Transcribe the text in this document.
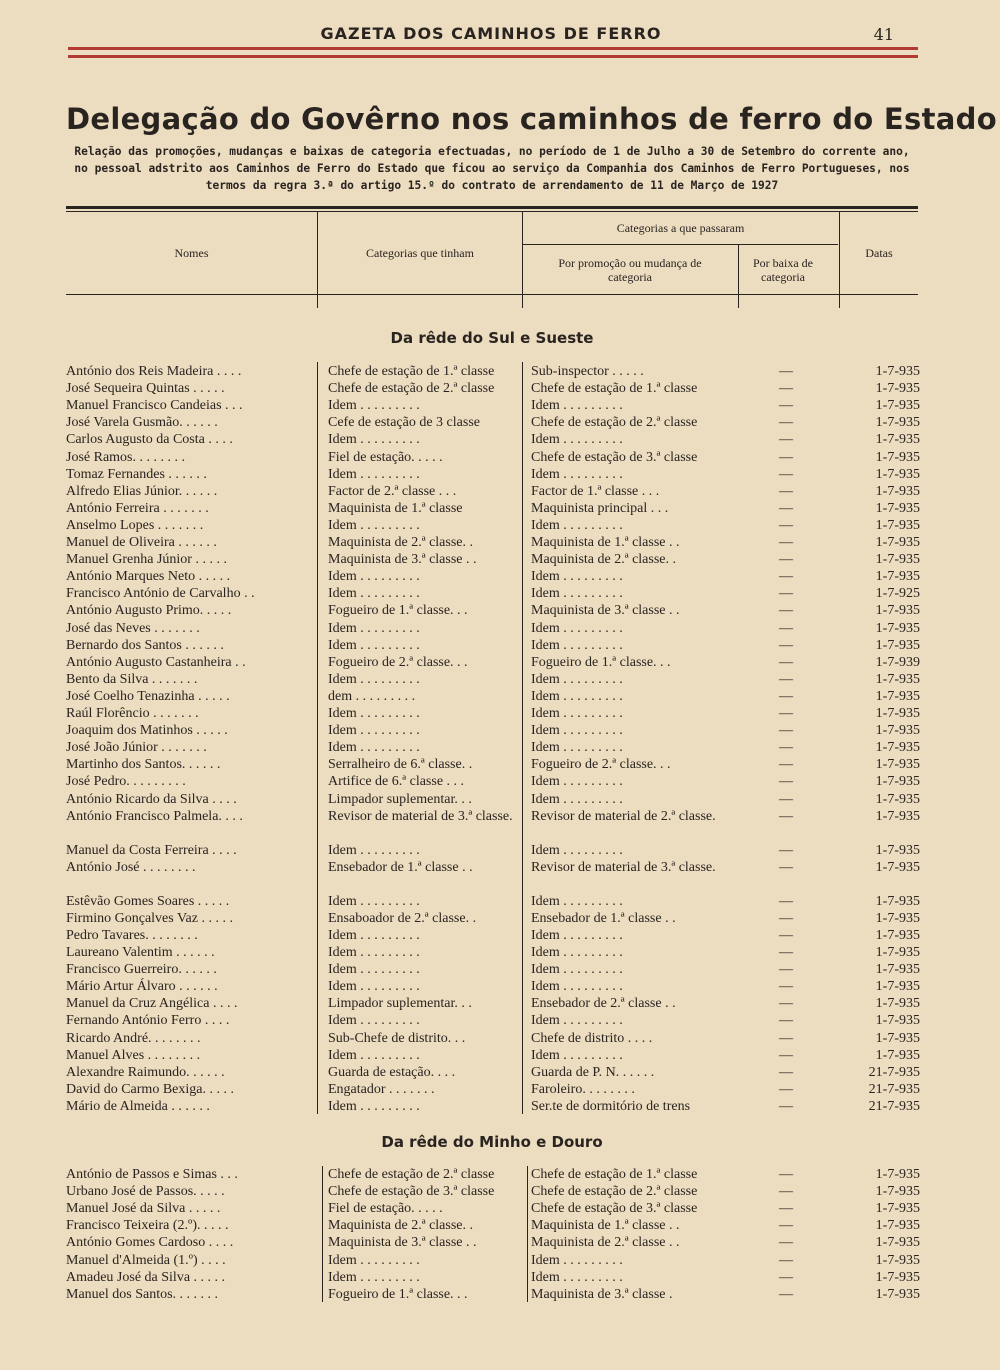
GAZETA DOS CAMINHOS DE FERRO	41
Delegação do Govêrno nos caminhos de ferro do Estado
Relação das promoções, mudanças e baixas de categoria efectuadas, no período de 1 de Julho a 30 de Setembro do corrente ano, no pessoal adstrito aos Caminhos de Ferro do Estado que ficou ao serviço da Companhia dos Caminhos de Ferro Portugueses, nos termos da regra 3.ª do artigo 15.º do contrato de arrendamento de 11 de Março de 1927
Nomes	Categorias que tinham
Categorias a que passaram
Por promoção ou mudança de categoria
Por baixa de categoria
Datas
Da rêde do Sul e Sueste
António dos Reis Madeira . . . .	Chefe de estação de 1.ª classe	Sub-inspector . . . . .	—	1-7-935
José Sequeira Quintas . . . . .	Chefe de estação de 2.ª classe	Chefe de estação de 1.ª classe	—	1-7-935
Manuel Francisco Candeias . . .	Idem . . . . . . . . .	Idem . . . . . . . . .	—	1-7-935
José Varela Gusmão. . . . . .	Cefe de estação de 3 classe	Chefe de estação de 2.ª classe	—	1-7-935
Carlos Augusto da Costa . . . .	Idem . . . . . . . . .	Idem . . . . . . . . .	—	1-7-935
José Ramos. . . . . . . .	Fiel de estação. . . . .	Chefe de estação de 3.ª classe	—	1-7-935
Tomaz Fernandes . . . . . .	Idem . . . . . . . . .	Idem . . . . . . . . .	—	1-7-935
Alfredo Elias Júnior. . . . . .	Factor de 2.ª classe . . .	Factor de 1.ª classe . . .	—	1-7-935
António Ferreira . . . . . . .	Maquinista de 1.ª classe	Maquinista principal . . .	—	1-7-935
Anselmo Lopes . . . . . . .	Idem . . . . . . . . .	Idem . . . . . . . . .	—	1-7-935
Manuel de Oliveira . . . . . .	Maquinista de 2.ª classe. .	Maquinista de 1.ª classe . .	—	1-7-935
Manuel Grenha Júnior . . . . .	Maquinista de 3.ª classe . .	Maquinista de 2.ª classe. .	—	1-7-935
António Marques Neto . . . . .	Idem . . . . . . . . .	Idem . . . . . . . . .	—	1-7-935
Francisco António de Carvalho . .	Idem . . . . . . . . .	Idem . . . . . . . . .	—	1-7-925
António Augusto Primo. . . . .	Fogueiro de 1.ª classe. . .	Maquinista de 3.ª classe . .	—	1-7-935
José das Neves . . . . . . .	Idem . . . . . . . . .	Idem . . . . . . . . .	—	1-7-935
Bernardo dos Santos . . . . . .	Idem . . . . . . . . .	Idem . . . . . . . . .	—	1-7-935
António Augusto Castanheira . .	Fogueiro de 2.ª classe. . .	Fogueiro de 1.ª classe. . .	—	1-7-939
Bento da Silva . . . . . . .	Idem . . . . . . . . .	Idem . . . . . . . . .	—	1-7-935
José Coelho Tenazinha . . . . .	dem . . . . . . . . .	Idem . . . . . . . . .	—	1-7-935
Raúl Florêncio . . . . . . .	Idem . . . . . . . . .	Idem . . . . . . . . .	—	1-7-935
Joaquim dos Matinhos . . . . .	Idem . . . . . . . . .	Idem . . . . . . . . .	—	1-7-935
José João Júnior . . . . . . .	Idem . . . . . . . . .	Idem . . . . . . . . .	—	1-7-935
Martinho dos Santos. . . . . .	Serralheiro de 6.ª classe. .	Fogueiro de 2.ª classe. . .	—	1-7-935
José Pedro. . . . . . . . .	Artifice de 6.ª classe . . .	Idem . . . . . . . . .	—	1-7-935
António Ricardo da Silva . . . .	Limpador suplementar. . .	Idem . . . . . . . . .	—	1-7-935
António Francisco Palmela. . . .	Revisor de material de 3.ª classe.	Revisor de material de 2.ª classe.	—	1-7-935
Manuel da Costa Ferreira . . . .	Idem . . . . . . . . .	Idem . . . . . . . . .	—	1-7-935
António José . . . . . . . .	Ensebador de 1.ª classe . .	Revisor de material de 3.ª classe.	—	1-7-935
Estêvão Gomes Soares . . . . .	Idem . . . . . . . . .	Idem . . . . . . . . .	—	1-7-935
Firmino Gonçalves Vaz . . . . .	Ensaboador de 2.ª classe. .	Ensebador de 1.ª classe . .	—	1-7-935
Pedro Tavares. . . . . . . .	Idem . . . . . . . . .	Idem . . . . . . . . .	—	1-7-935
Laureano Valentim . . . . . .	Idem . . . . . . . . .	Idem . . . . . . . . .	—	1-7-935
Francisco Guerreiro. . . . . .	Idem . . . . . . . . .	Idem . . . . . . . . .	—	1-7-935
Mário Artur Álvaro . . . . . .	Idem . . . . . . . . .	Idem . . . . . . . . .	—	1-7-935
Manuel da Cruz Angélica . . . .	Limpador suplementar. . .	Ensebador de 2.ª classe . .	—	1-7-935
Fernando António Ferro . . . .	Idem . . . . . . . . .	Idem . . . . . . . . .	—	1-7-935
Ricardo André. . . . . . . .	Sub-Chefe de distrito. . .	Chefe de distrito . . . .	—	1-7-935
Manuel Alves . . . . . . . .	Idem . . . . . . . . .	Idem . . . . . . . . .	—	1-7-935
Alexandre Raimundo. . . . . .	Guarda de estação. . . .	Guarda de P. N. . . . . .	—	21-7-935
David do Carmo Bexiga. . . . .	Engatador . . . . . . .	Faroleiro. . . . . . . .	—	21-7-935
Mário de Almeida . . . . . .	Idem . . . . . . . . .	Ser.te de dormitório de trens	—	21-7-935
Da rêde do Minho e Douro
António de Passos e Simas . . .	Chefe de estação de 2.ª classe	Chefe de estação de 1.ª classe	—	1-7-935
Urbano José de Passos. . . . .	Chefe de estação de 3.ª classe	Chefe de estação de 2.ª classe	—	1-7-935
Manuel José da Silva . . . . .	Fiel de estação. . . . .	Chefe de estação de 3.ª classe	—	1-7-935
Francisco Teixeira (2.º). . . . .	Maquinista de 2.ª classe. .	Maquinista de 1.ª classe . .	—	1-7-935
António Gomes Cardoso . . . .	Maquinista de 3.ª classe . .	Maquinista de 2.ª classe . .	—	1-7-935
Manuel d'Almeida (1.º) . . . .	Idem . . . . . . . . .	Idem . . . . . . . . .	—	1-7-935
Amadeu José da Silva . . . . .	Idem . . . . . . . . .	Idem . . . . . . . . .	—	1-7-935
Manuel dos Santos. . . . . . .	Fogueiro de 1.ª classe. . .	Maquinista de 3.ª classe .	—	1-7-935
